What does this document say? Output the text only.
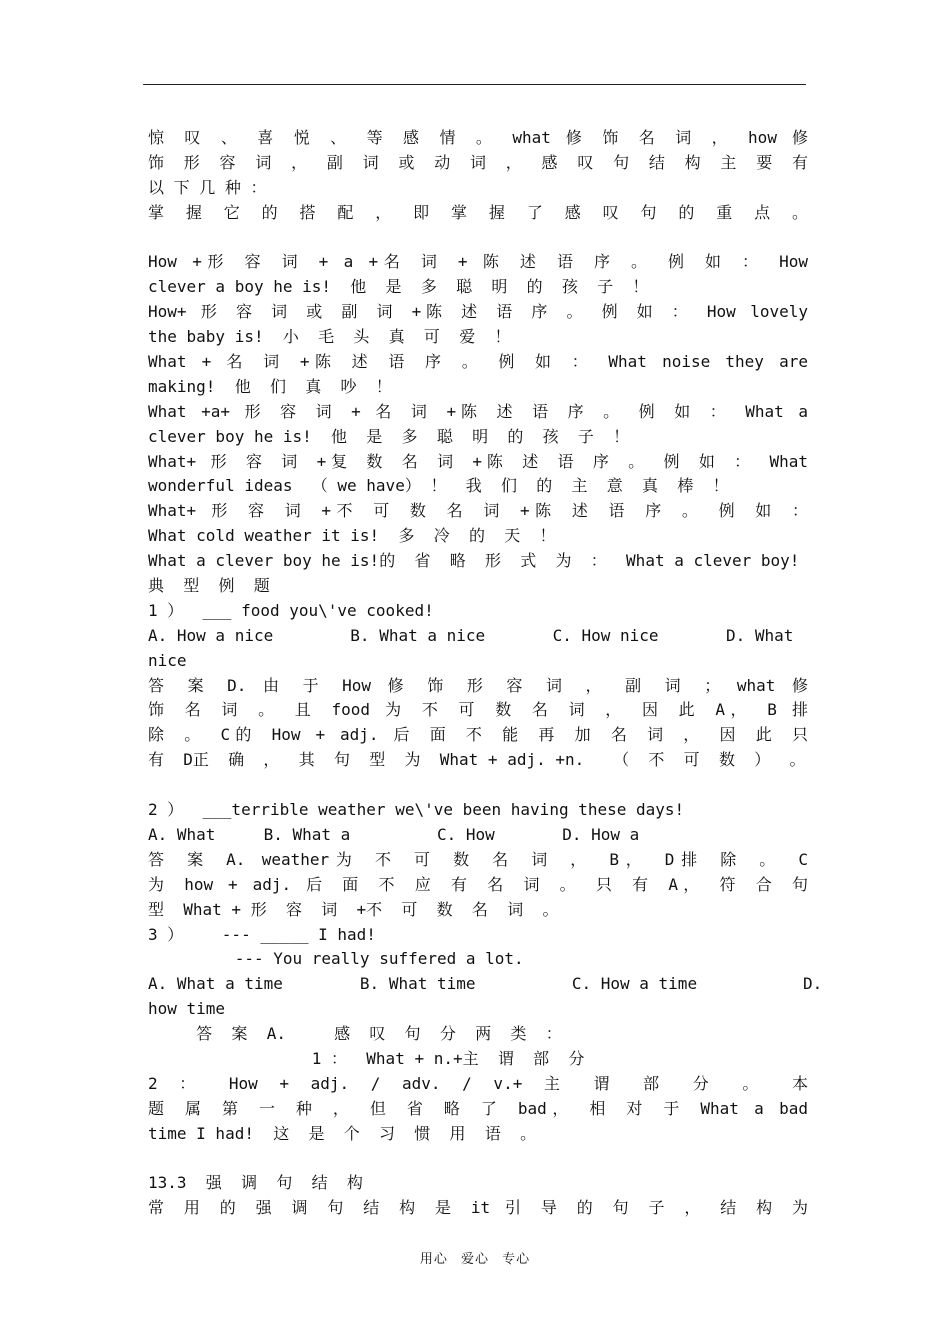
惊 叹 、 喜 悦 、 等 感 情 。 what 修 饰 名 词 ， how 修
饰 形 容 词 ， 副 词 或 动 词 ， 感 叹 句 结 构 主 要 有
以 下 几 种 ：
掌 握 它 的 搭 配 ， 即 掌 握 了 感 叹 句 的 重 点 。
How +形 容 词 + a +名 词 + 陈 述 语 序 。 例 如 ： How
clever a boy he is!  他  是  多  聪  明  的  孩  子  ！
How+ 形 容 词 或 副 词 +陈 述 语 序 。 例 如 ： How lovely
the baby is!  小  毛  头  真  可  爱  ！
What + 名 词 +陈 述 语 序 。 例 如 ： What noise they are
making!  他  们  真  吵  ！
What +a+ 形 容 词 + 名 词 +陈 述 语 序 。 例 如 ： What a
clever boy he is!  他  是  多  聪  明  的  孩  子  ！
What+ 形 容 词 +复 数 名 词 +陈 述 语 序 。 例 如 ： What
wonderful ideas  （ we have） ！  我  们  的  主  意  真  棒  ！
What+ 形 容 词 +不 可 数 名 词 +陈 述 语 序 。 例 如 ：
What cold weather it is!  多  冷  的  天  ！
What a clever boy he is!的  省  略  形  式  为  ：  What a clever boy!
典  型  例  题
1 ）  ___ food you\'ve cooked!
A. How a nice        B. What a nice       C. How nice       D. What
nice
答 案 D. 由 于 How 修 饰 形 容 词 ， 副 词 ； what 修
饰 名 词 。 且 food 为 不 可 数 名 词 ， 因 此 A， B 排
除 。 C的 How + adj. 后 面 不 能 再 加 名 词 ， 因 此 只
有  D正  确  ，  其  句  型  为  What + adj. +n.   （  不  可  数  ）  。
2 ）  ___terrible weather we\'ve been having these days!
A. What     B. What a         C. How       D. How a
答 案 A. weather为 不 可 数 名 词 ， B， D排 除 。 C
为 how + adj. 后 面 不 应 有 名 词 。 只 有 A， 符 合 句
型  What + 形  容  词  +不  可  数  名  词  。
3 ）    --- _____ I had!
--- You really suffered a lot.
A. What a time        B. What time          C. How a time           D.
how time
答  案  A.     感  叹  句  分  两  类  ：
1 ：  What + n.+主  谓  部  分
2 ： How + adj. / adv. / v.+ 主 谓 部 分 。 本
题 属 第 一 种 ， 但 省 略 了 bad， 相 对 于 What a bad
time I had!  这  是  个  习  惯  用  语  。
13.3  强  调  句  结  构
常 用 的 强 调 句 结 构 是 it 引 导 的 句 子 ， 结 构 为
用心 爱心 专心
